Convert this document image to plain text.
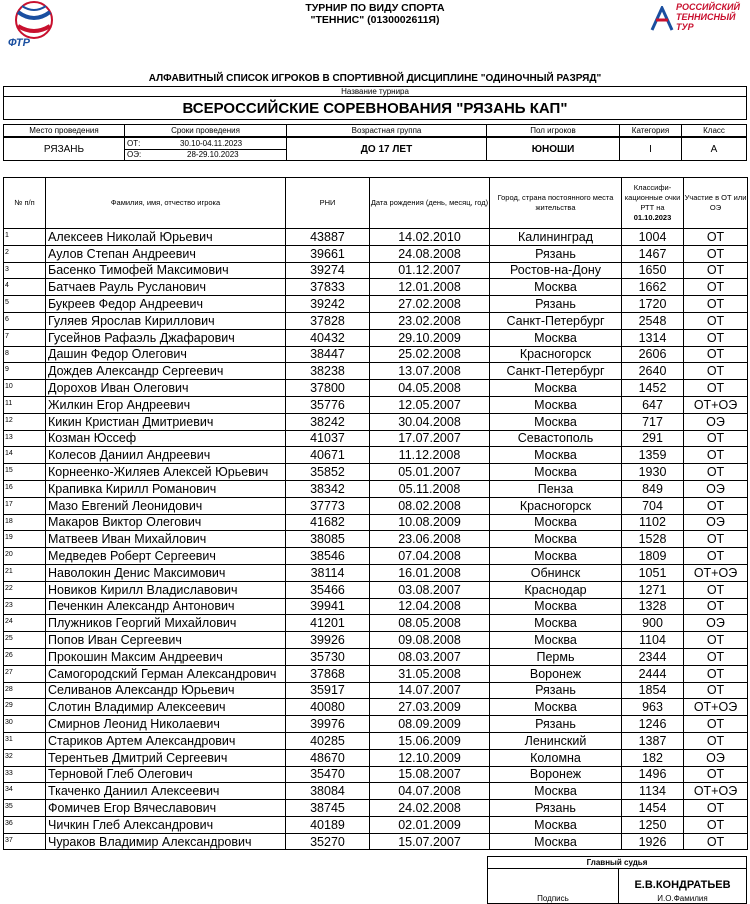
ФТР
ТУРНИР ПО ВИДУ СПОРТА
"ТЕННИС" (0130002611Я)
РОССИЙСКИЙ
ТЕННИСНЫЙ
ТУР
АЛФАВИТНЫЙ СПИСОК ИГРОКОВ В СПОРТИВНОЙ ДИСЦИПЛИНЕ "ОДИНОЧНЫЙ РАЗРЯД"
Название турнира
ВСЕРОССИЙСКИЕ СОРЕВНОВАНИЯ "РЯЗАНЬ КАП"
Место проведения	Сроки проведения	Возрастная группа	Пол игроков	Категория	Класс
РЯЗАНЬ	ОТ:	30.10-04.11.2023
ОЭ:	28-29.10.2023	ДО 17 ЛЕТ	ЮНОШИ	I	А
№ п/п	Фамилия, имя, отчество игрока	РНИ	Дата рождения (день, месяц, год)	Город, страна постоянного места жительства	Классифи-кационные очки РТТ на
01.10.2023	Участие в ОТ или ОЭ
1	Алексеев Николай Юрьевич	43887	14.02.2010	Калининград	1004	ОТ
2	Аулов Степан Андреевич	39661	24.08.2008	Рязань	1467	ОТ
3	Басенко Тимофей Максимович	39274	01.12.2007	Ростов-на-Дону	1650	ОТ
4	Батчаев Рауль Русланович	37833	12.01.2008	Москва	1662	ОТ
5	Букреев Федор Андреевич	39242	27.02.2008	Рязань	1720	ОТ
6	Гуляев Ярослав Кириллович	37828	23.02.2008	Санкт-Петербург	2548	ОТ
7	Гусейнов Рафаэль Джафарович	40432	29.10.2009	Москва	1314	ОТ
8	Дашин Федор Олегович	38447	25.02.2008	Красногорск	2606	ОТ
9	Дождев Александр Сергеевич	38238	13.07.2008	Санкт-Петербург	2640	ОТ
10	Дорохов Иван Олегович	37800	04.05.2008	Москва	1452	ОТ
11	Жилкин Егор Андреевич	35776	12.05.2007	Москва	647	ОТ+ОЭ
12	Кикин Кристиан Дмитриевич	38242	30.04.2008	Москва	717	ОЭ
13	Козман Юссеф	41037	17.07.2007	Севастополь	291	ОТ
14	Колесов Даниил Андреевич	40671	11.12.2008	Москва	1359	ОТ
15	Корнеенко-Жиляев Алексей Юрьевич	35852	05.01.2007	Москва	1930	ОТ
16	Крапивка Кирилл Романович	38342	05.11.2008	Пенза	849	ОЭ
17	Мазо Евгений Леонидович	37773	08.02.2008	Красногорск	704	ОТ
18	Макаров Виктор Олегович	41682	10.08.2009	Москва	1102	ОЭ
19	Матвеев Иван Михайлович	38085	23.06.2008	Москва	1528	ОТ
20	Медведев Роберт Сергеевич	38546	07.04.2008	Москва	1809	ОТ
21	Наволокин Денис Максимович	38114	16.01.2008	Обнинск	1051	ОТ+ОЭ
22	Новиков Кирилл Владиславович	35466	03.08.2007	Краснодар	1271	ОТ
23	Печенкин Александр Антонович	39941	12.04.2008	Москва	1328	ОТ
24	Плужников Георгий Михайлович	41201	08.05.2008	Москва	900	ОЭ
25	Попов Иван Сергеевич	39926	09.08.2008	Москва	1104	ОТ
26	Прокошин Максим Андреевич	35730	08.03.2007	Пермь	2344	ОТ
27	Самогородский Герман Александрович	37868	31.05.2008	Воронеж	2444	ОТ
28	Селиванов Александр Юрьевич	35917	14.07.2007	Рязань	1854	ОТ
29	Слотин Владимир Алексеевич	40080	27.03.2009	Москва	963	ОТ+ОЭ
30	Смирнов Леонид Николаевич	39976	08.09.2009	Рязань	1246	ОТ
31	Стариков Артем Александрович	40285	15.06.2009	Ленинский	1387	ОТ
32	Терентьев Дмитрий Сергеевич	48670	12.10.2009	Коломна	182	ОЭ
33	Терновой Глеб Олегович	35470	15.08.2007	Воронеж	1496	ОТ
34	Ткаченко Даниил Алексеевич	38084	04.07.2008	Москва	1134	ОТ+ОЭ
35	Фомичев Егор Вячеславович	38745	24.02.2008	Рязань	1454	ОТ
36	Чичкин Глеб Александрович	40189	02.01.2009	Москва	1250	ОТ
37	Чураков Владимир Александрович	35270	15.07.2007	Москва	1926	ОТ
Главный судья
Подпись	
Е.В.КОНДРАТЬЕВ
И.О.Фамилия
